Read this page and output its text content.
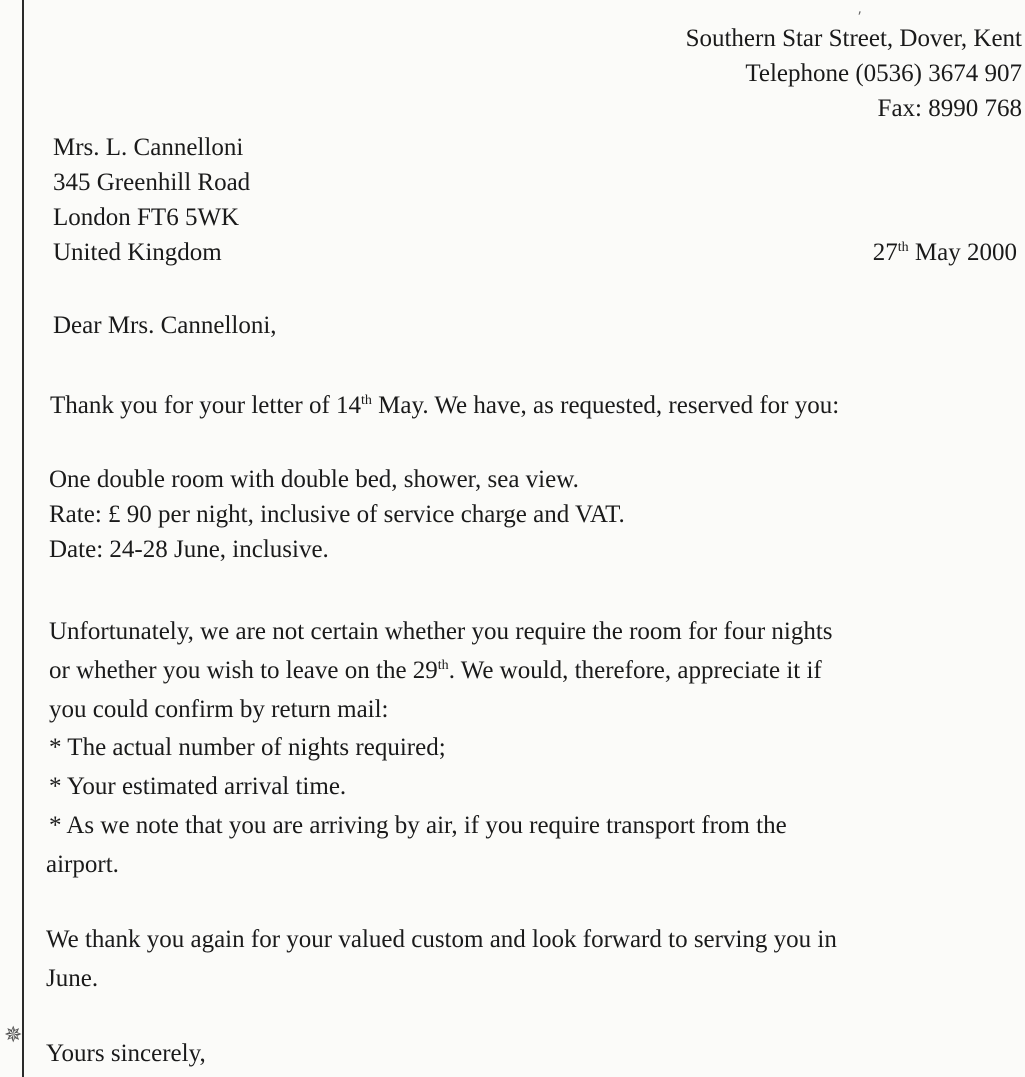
⸴
✵
Southern Star Street, Dover, Kent
Telephone (0536) 3674 907
Fax: 8990 768
Mrs. L. Cannelloni
345 Greenhill Road
London FT6 5WK
United Kingdom	27th May 2000
Dear Mrs. Cannelloni,
Thank you for your letter of 14th May. We have, as requested, reserved for you:
One double room with double bed, shower, sea view.
Rate: £ 90 per night, inclusive of service charge and VAT.
Date: 24-28 June, inclusive.
Unfortunately, we are not certain whether you require the room for four nights
or whether you wish to leave on the 29th. We would, therefore, appreciate it if
you could confirm by return mail:
* The actual number of nights required;
* Your estimated arrival time.
* As we note that you are arriving by air, if you require transport from the
airport.
We thank you again for your valued custom and look forward to serving you in
June.
Yours sincerely,
